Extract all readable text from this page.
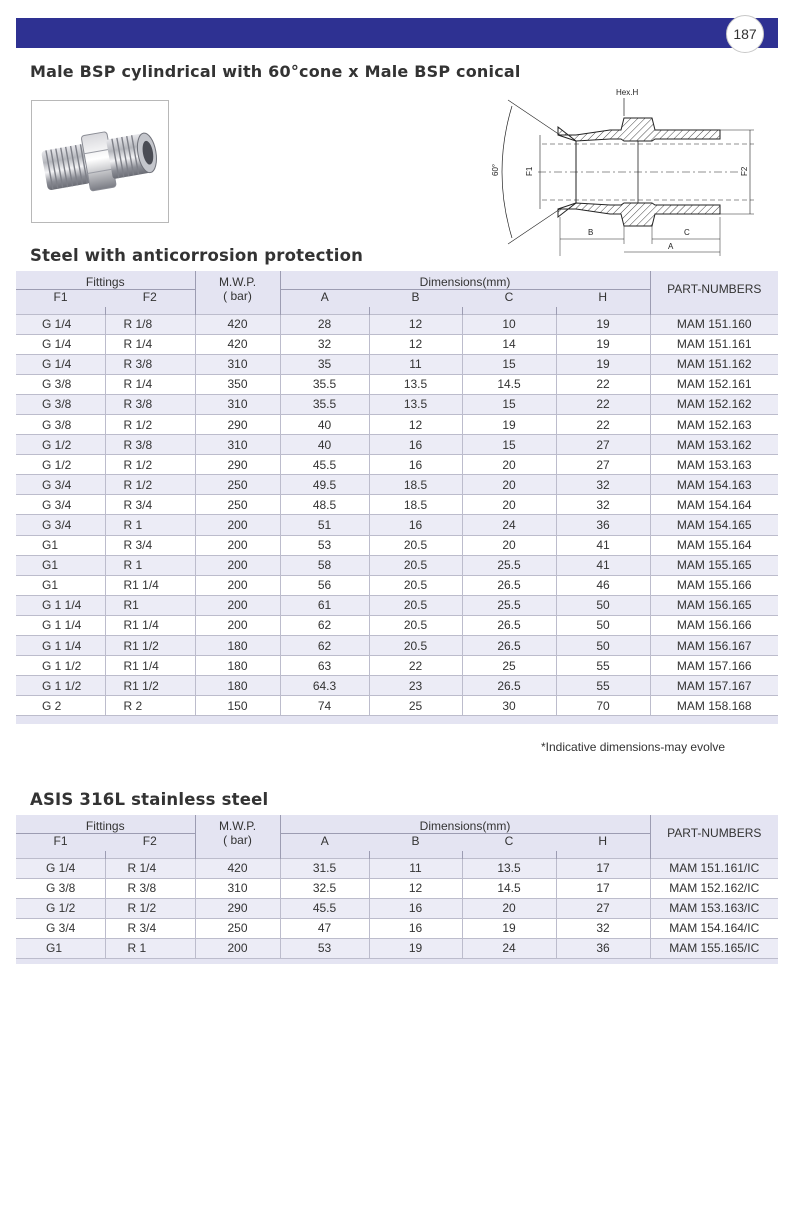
187
Male BSP cylindrical with 60°cone x Male BSP conical
Hex.H
60°	F1	F2
B	C
A
Steel with anticorrosion protection
Fittings		M.W.P.	Dimensions(mm)				PART-NUMBERS
F1	F2	( bar)	A	B	C	H	

G 1/4	R 1/8	420	28	12	10	19	MAM 151.160
G 1/4	R 1/4	420	32	12	14	19	MAM 151.161
G 1/4	R 3/8	310	35	11	15	19	MAM 151.162
G 3/8	R 1/4	350	35.5	13.5	14.5	22	MAM 152.161
G 3/8	R 3/8	310	35.5	13.5	15	22	MAM 152.162
G 3/8	R 1/2	290	40	12	19	22	MAM 152.163
G 1/2	R 3/8	310	40	16	15	27	MAM 153.162
G 1/2	R 1/2	290	45.5	16	20	27	MAM 153.163
G 3/4	R 1/2	250	49.5	18.5	20	32	MAM 154.163
G 3/4	R 3/4	250	48.5	18.5	20	32	MAM 154.164
G 3/4	R 1	200	51	16	24	36	MAM 154.165
G1	R 3/4	200	53	20.5	20	41	MAM 155.164
G1	R 1	200	58	20.5	25.5	41	MAM 155.165
G1	R1 1/4	200	56	20.5	26.5	46	MAM 155.166
G 1 1/4	R1	200	61	20.5	25.5	50	MAM 156.165
G 1 1/4	R1 1/4	200	62	20.5	26.5	50	MAM 156.166
G 1 1/4	R1 1/2	180	62	20.5	26.5	50	MAM 156.167
G 1 1/2	R1 1/4	180	63	22	25	55	MAM 157.166
G 1 1/2	R1 1/2	180	64.3	23	26.5	55	MAM 157.167
G 2	R 2	150	74	25	30	70	MAM 158.168

*Indicative dimensions-may evolve
ASIS 316L stainless steel
Fittings		M.W.P.	Dimensions(mm)				PART-NUMBERS
F1	F2	( bar)	A	B	C	H	

G 1/4	R 1/4	420	31.5	11	13.5	17	MAM 151.161/IC
G 3/8	R 3/8	310	32.5	12	14.5	17	MAM 152.162/IC
G 1/2	R 1/2	290	45.5	16	20	27	MAM 153.163/IC
G 3/4	R 3/4	250	47	16	19	32	MAM 154.164/IC
G1	R 1	200	53	19	24	36	MAM 155.165/IC
